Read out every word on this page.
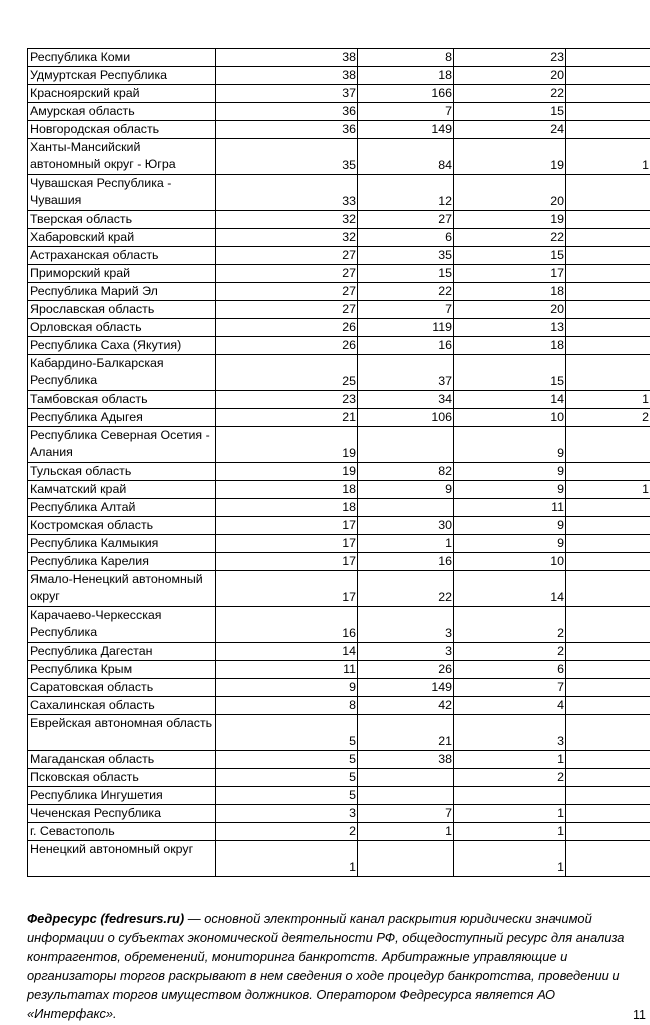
Республика Коми	38	8	23	
Удмуртская Республика	38	18	20	
Красноярский край	37	166	22	
Амурская область	36	7	15	
Новгородская область	36	149	24	
Ханты-Мансийский автономный округ - Югра	35	84	19	1
Чувашская Республика - Чувашия	33	12	20	
Тверская область	32	27	19	
Хабаровский край	32	6	22	
Астраханская область	27	35	15	
Приморский край	27	15	17	
Республика Марий Эл	27	22	18	
Ярославская область	27	7	20	
Орловская область	26	119	13	
Республика Саха (Якутия)	26	16	18	
Кабардино-Балкарская Республика	25	37	15	
Тамбовская область	23	34	14	1
Республика Адыгея	21	106	10	2
Республика Северная Осетия - Алания	19		9	
Тульская область	19	82	9	
Камчатский край	18	9	9	1
Республика Алтай	18		11	
Костромская область	17	30	9	
Республика Калмыкия	17	1	9	
Республика Карелия	17	16	10	
Ямало-Ненецкий автономный округ	17	22	14	
Карачаево-Черкесская Республика	16	3	2	
Республика Дагестан	14	3	2	
Республика Крым	11	26	6	
Саратовская область	9	149	7	
Сахалинская область	8	42	4	
Еврейская автономная область	5	21	3	
Магаданская область	5	38	1	
Псковская область	5		2	
Республика Ингушетия	5			
Чеченская Республика	3	7	1	
г. Севастополь	2	1	1	
Ненецкий автономный округ	1		1	

Федресурс (fedresurs.ru) — основной электронный канал раскрытия юридически значимой информации о субъектах экономической деятельности РФ, общедоступный ресурс для анализа контрагентов, обременений, мониторинга банкротств. Арбитражные управляющие и организаторы торгов раскрывают в нем сведения о ходе процедур банкротства, проведении и результатах торгов имуществом должников. Оператором Федресурса является АО «Интерфакс».	11
